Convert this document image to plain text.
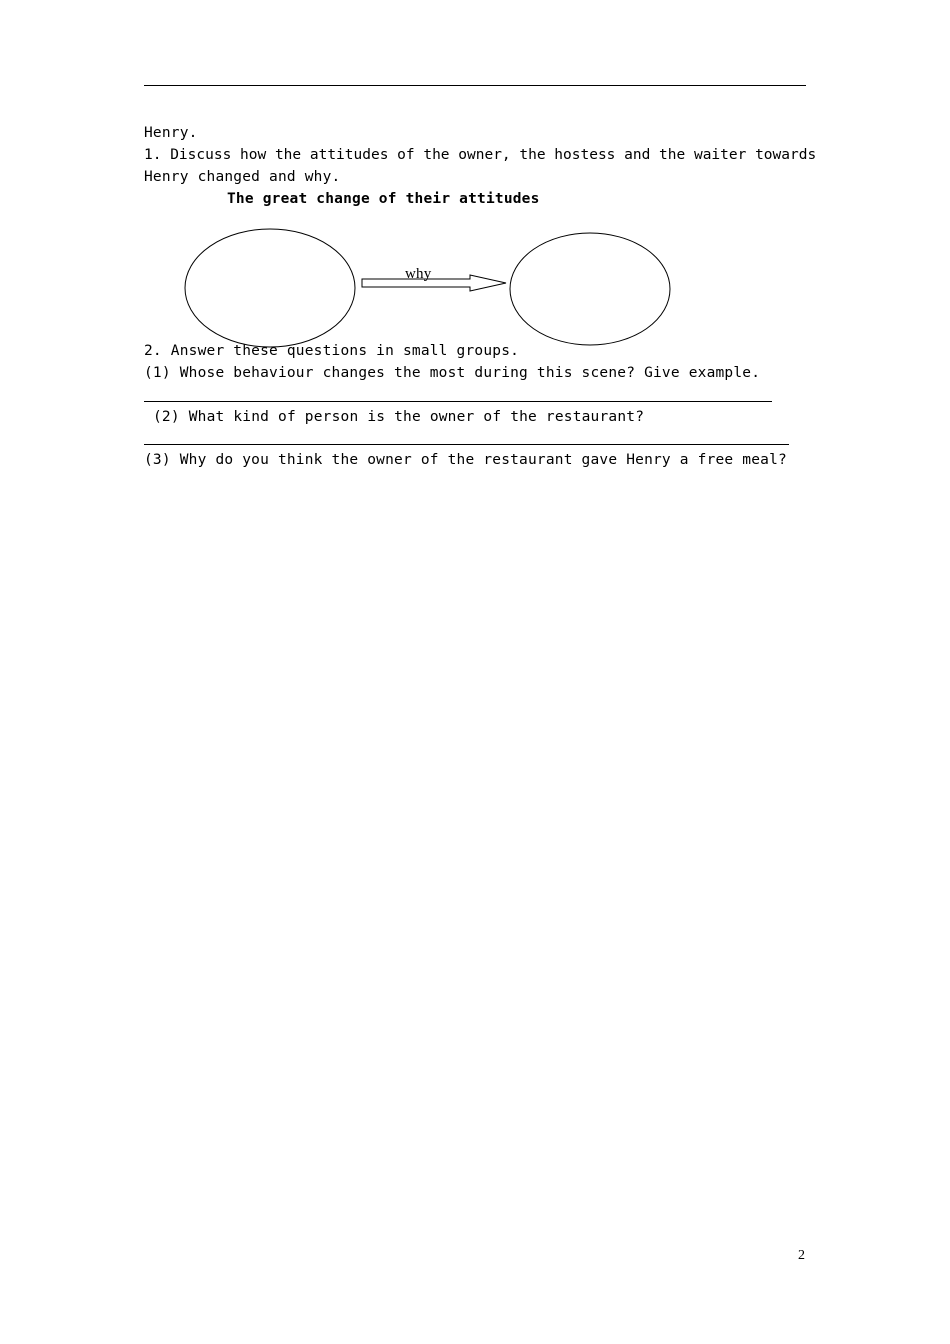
Henry.
1. Discuss how the attitudes of the owner, the hostess and the waiter towards
Henry changed and why.
The great change of their attitudes
why
2. Answer these questions in small groups.
(1) Whose behaviour changes the most during this scene? Give example.
(2) What kind of person is the owner of the restaurant?
(3) Why do you think the owner of the restaurant gave Henry a free meal?
2
